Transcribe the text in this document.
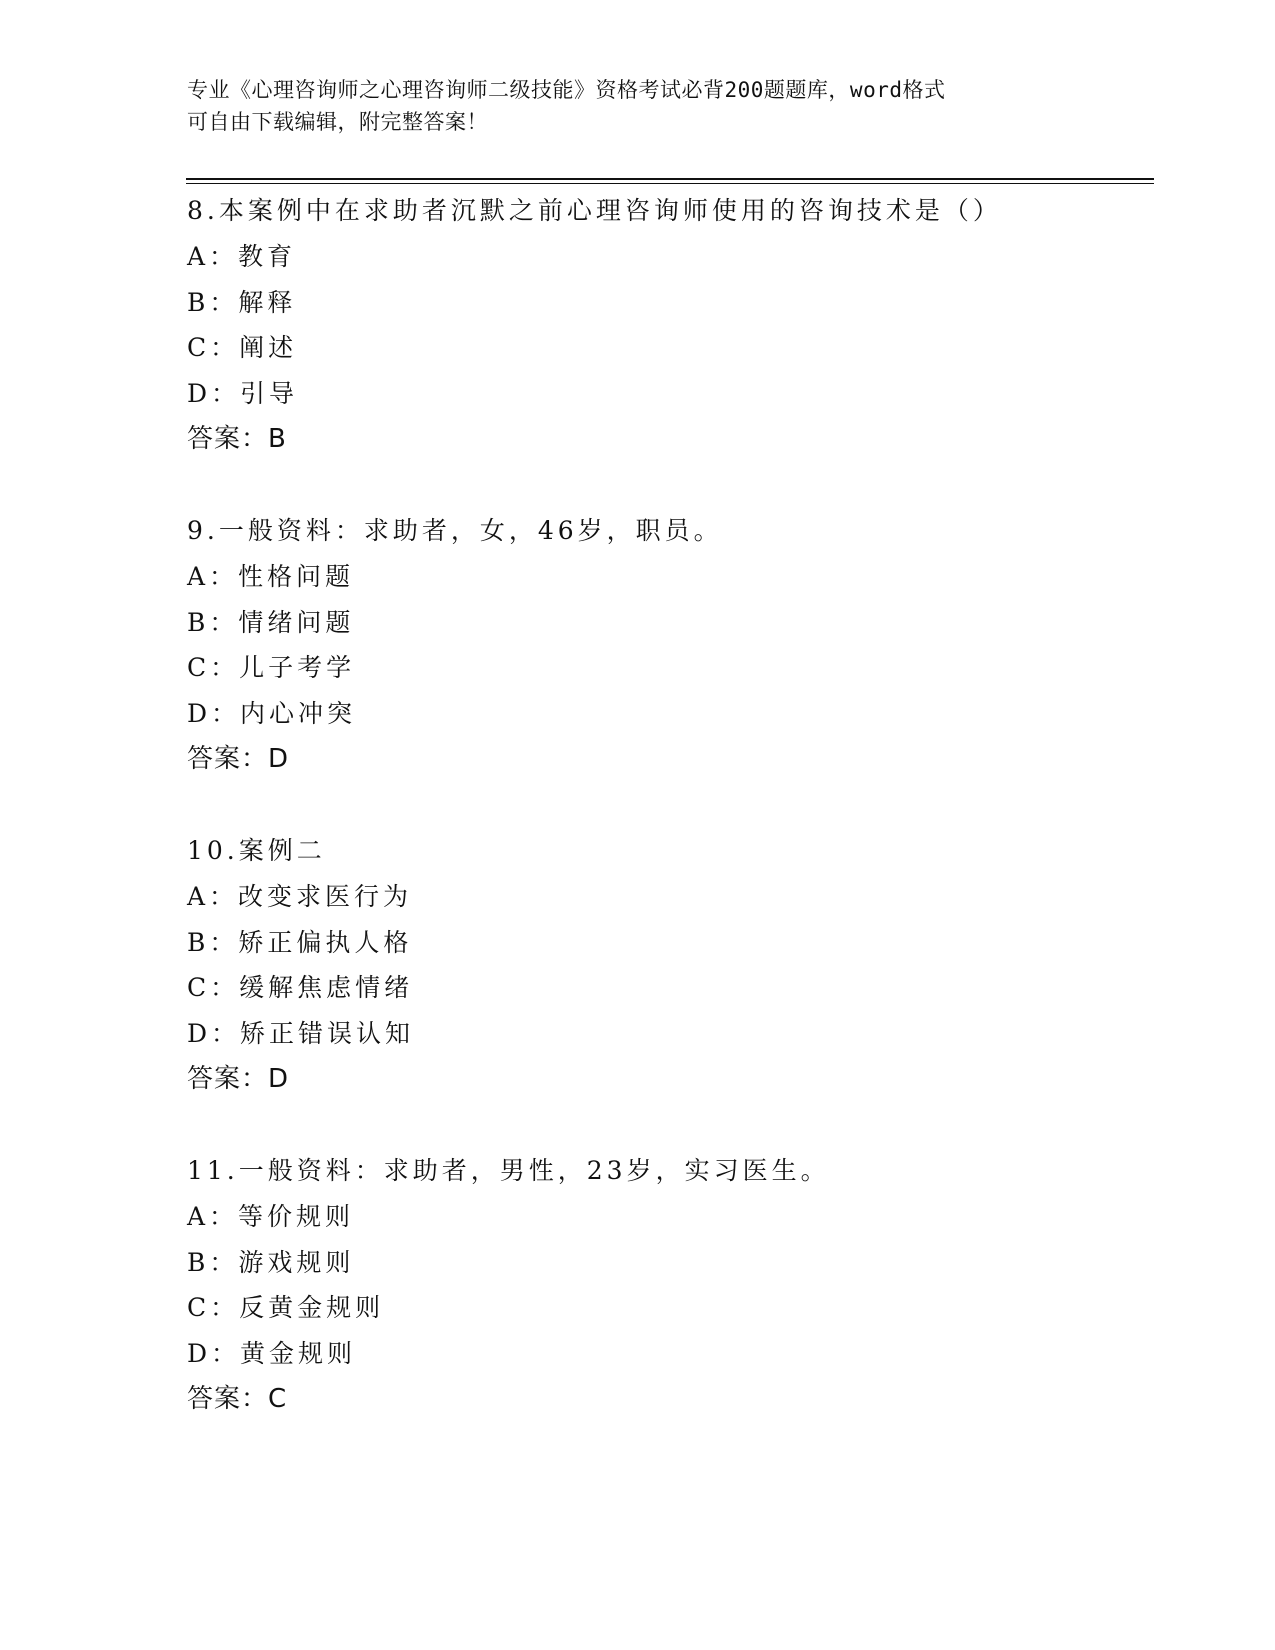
专业《心理咨询师之心理咨询师二级技能》资格考试必背200题题库，word格式
可自由下载编辑，附完整答案！
8.本案例中在求助者沉默之前心理咨询师使用的咨询技术是（）
A：教育
B：解释
C：阐述
D：引导
答案：B
9.一般资料：求助者，女，46岁，职员。
A：性格问题
B：情绪问题
C：儿子考学
D：内心冲突
答案：D
10.案例二
A：改变求医行为
B：矫正偏执人格
C：缓解焦虑情绪
D：矫正错误认知
答案：D
11.一般资料：求助者，男性，23岁，实习医生。
A：等价规则
B：游戏规则
C：反黄金规则
D：黄金规则
答案：C
